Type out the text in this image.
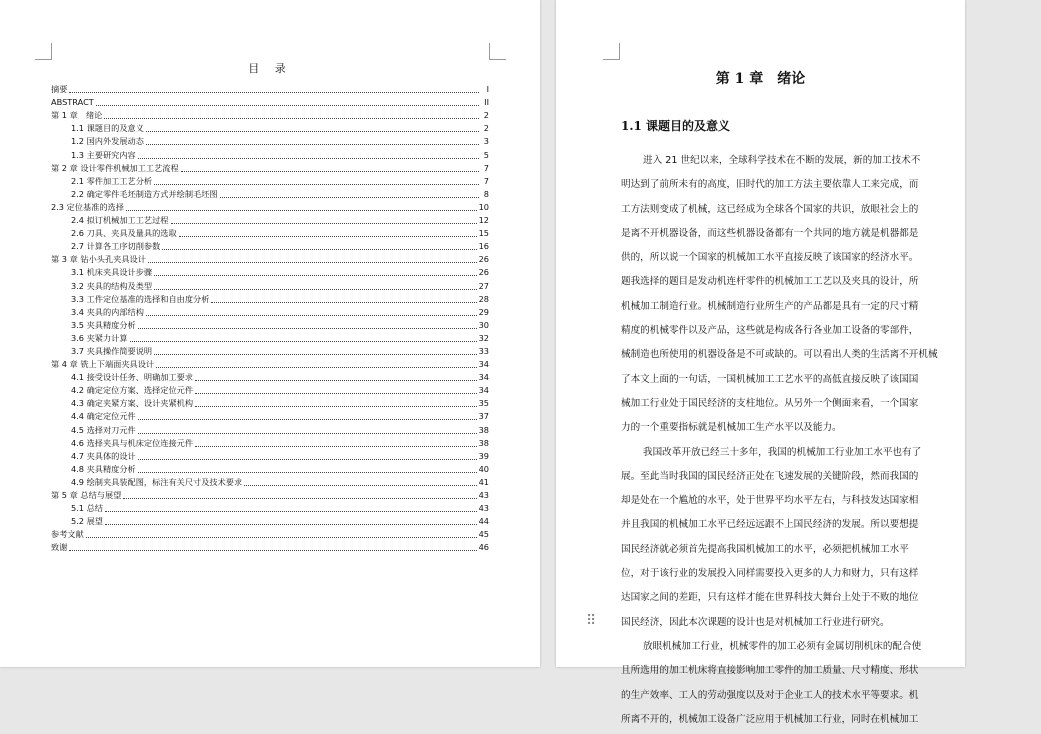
目 录
摘要	I
ABSTRACT	II
第 1 章　绪论	2
1.1 课题目的及意义	2
1.2 国内外发展动态	3
1.3 主要研究内容	5
第 2 章 设计零件机械加工工艺流程	7
2.1 零件加工工艺分析	7
2.2 确定零件毛坯制造方式并绘制毛坯图	8
2.3 定位基准的选择	10
2.4 拟订机械加工工艺过程	12
2.6 刀具、夹具及量具的选取	15
2.7 计算各工序切削参数	16
第 3 章 钻小头孔夹具设计	26
3.1 机床夹具设计步骤	26
3.2 夹具的结构及类型	27
3.3 工件定位基准的选择和自由度分析	28
3.4 夹具的内部结构	29
3.5 夹具精度分析	30
3.6 夹紧力计算	32
3.7 夹具操作简要说明	33
第 4 章 铣上下端面夹具设计	34
4.1 接受设计任务、明确加工要求	34
4.2 确定定位方案、选择定位元件	34
4.3 确定夹紧方案、设计夹紧机构	35
4.4 确定定位元件	37
4.5 选择对刀元件	38
4.6 选择夹具与机床定位连接元件	38
4.7 夹具体的设计	39
4.8 夹具精度分析	40
4.9 绘制夹具装配图，标注有关尺寸及技术要求	41
第 5 章 总结与展望	43
5.1 总结	43
5.2 展望	44
参考文献	45
致谢	46
第 1 章　绪论
1.1 课题目的及意义
进入 21 世纪以来，全球科学技术在不断的发展，新的加工技术不
明达到了前所未有的高度，旧时代的加工方法主要依靠人工来完成，而
工方法则变成了机械，这已经成为全球各个国家的共识，放眼社会上的
是离不开机器设备，而这些机器设备都有一个共同的地方就是机器都是
供的，所以说一个国家的机械加工水平直接反映了该国家的经济水平。
题我选择的题目是发动机连杆零件的机械加工工艺以及夹具的设计，所
机械加工制造行业。机械制造行业所生产的产品都是具有一定的尺寸精
精度的机械零件以及产品，这些就是构成各行各业加工设备的零部件，
械制造也所使用的机器设备是不可或缺的。可以看出人类的生活离不开机械
了本文上面的一句话，一国机械加工工艺水平的高低直接反映了该国国
械加工行业处于国民经济的支柱地位。从另外一个侧面来看，一个国家
力的一个重要指标就是机械加工生产水平以及能力。
我国改革开放已经三十多年，我国的机械加工行业加工水平也有了
展。至此当时我国的国民经济正处在飞速发展的关键阶段，然而我国的
却是处在一个尴尬的水平，处于世界平均水平左右，与科技发达国家相
并且我国的机械加工水平已经远远跟不上国民经济的发展。所以要想提
国民经济就必须首先提高我国机械加工的水平，必须把机械加工水平
位，对于该行业的发展投入同样需要投入更多的人力和财力，只有这样
达国家之间的差距，只有这样才能在世界科技大舞台上处于不败的地位
国民经济，因此本次课题的设计也是对机械加工行业进行研究。
放眼机械加工行业，机械零件的加工必须有金属切削机床的配合使
且所选用的加工机床将直接影响加工零件的加工质量、尺寸精度、形状
的生产效率、工人的劳动强度以及对于企业工人的技术水平等要求。机
所离不开的，机械加工设备广泛应用于机械加工行业，同时在机械加工
⠿
